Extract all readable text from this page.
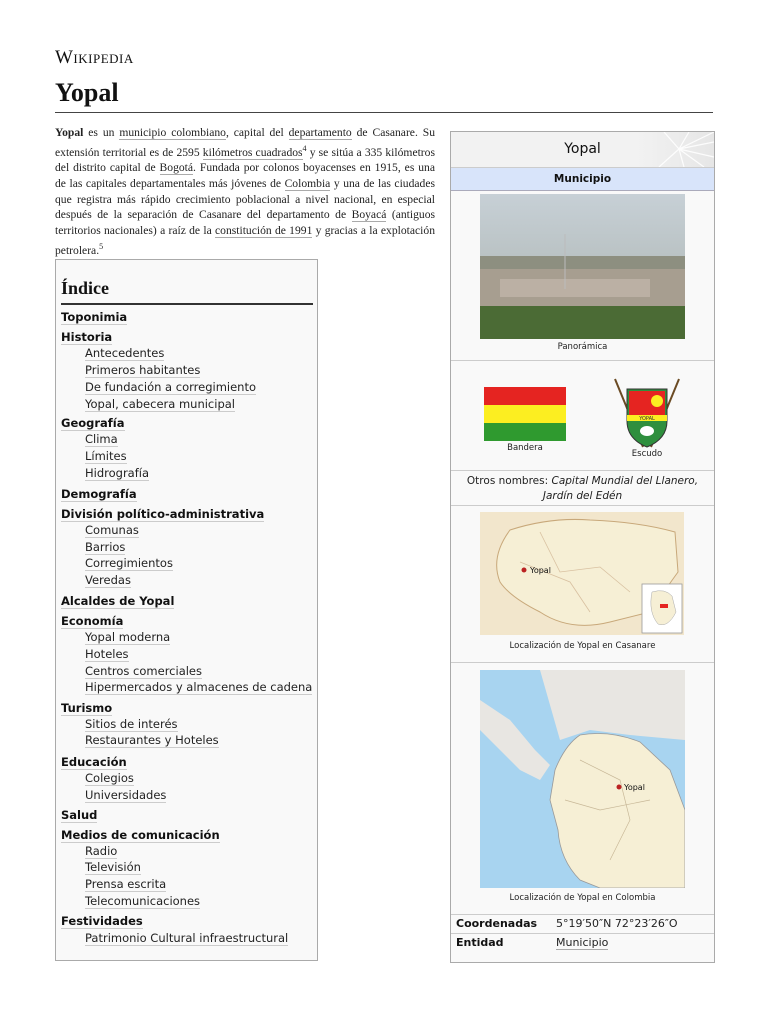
Wikipedia
Yopal
Yopal es un municipio colombiano, capital del departamento de Casanare. Su extensión territorial es de 2595 kilómetros cuadrados$^4$ y se sitúa a 335 kilómetros del distrito capital de Bogotá. Fundada por colonos boyacenses en 1915, es una de las capitales departamentales más jóvenes de Colombia y una de las ciudades que registra más rápido crecimiento poblacional a nivel nacional, en especial después de la separación de Casanare del departamento de Boyacá (antiguos territorios nacionales) a raíz de la constitución de 1991 y gracias a la explotación petrolera.$^5$
Índice
Toponimia
Historia
Antecedentes
Primeros habitantes
De fundación a corregimiento
Yopal, cabecera municipal
Geografía
Clima
Límites
Hidrografía
Demografía
División político-administrativa
Comunas
Barrios
Corregimientos
Veredas
Alcaldes de Yopal
Economía
Yopal moderna
Hoteles
Centros comerciales
Hipermercados y almacenes de cadena
Turismo
Sitios de interés
Restaurantes y Hoteles
Educación
Colegios
Universidades
Salud
Medios de comunicación
Radio
Televisión
Prensa escrita
Telecomunicaciones
Festividades
Patrimonio Cultural infraestructural
Yopal
Municipio
Panorámica
Bandera
YOPAL
Escudo
Otros nombres: Capital Mundial del Llanero,
Jardín del Edén
Yopal
Localización de Yopal en Casanare
Yopal
Localización de Yopal en Colombia
Coordenadas 5°19′50″N 72°23′26″O
Entidad	Municipio
